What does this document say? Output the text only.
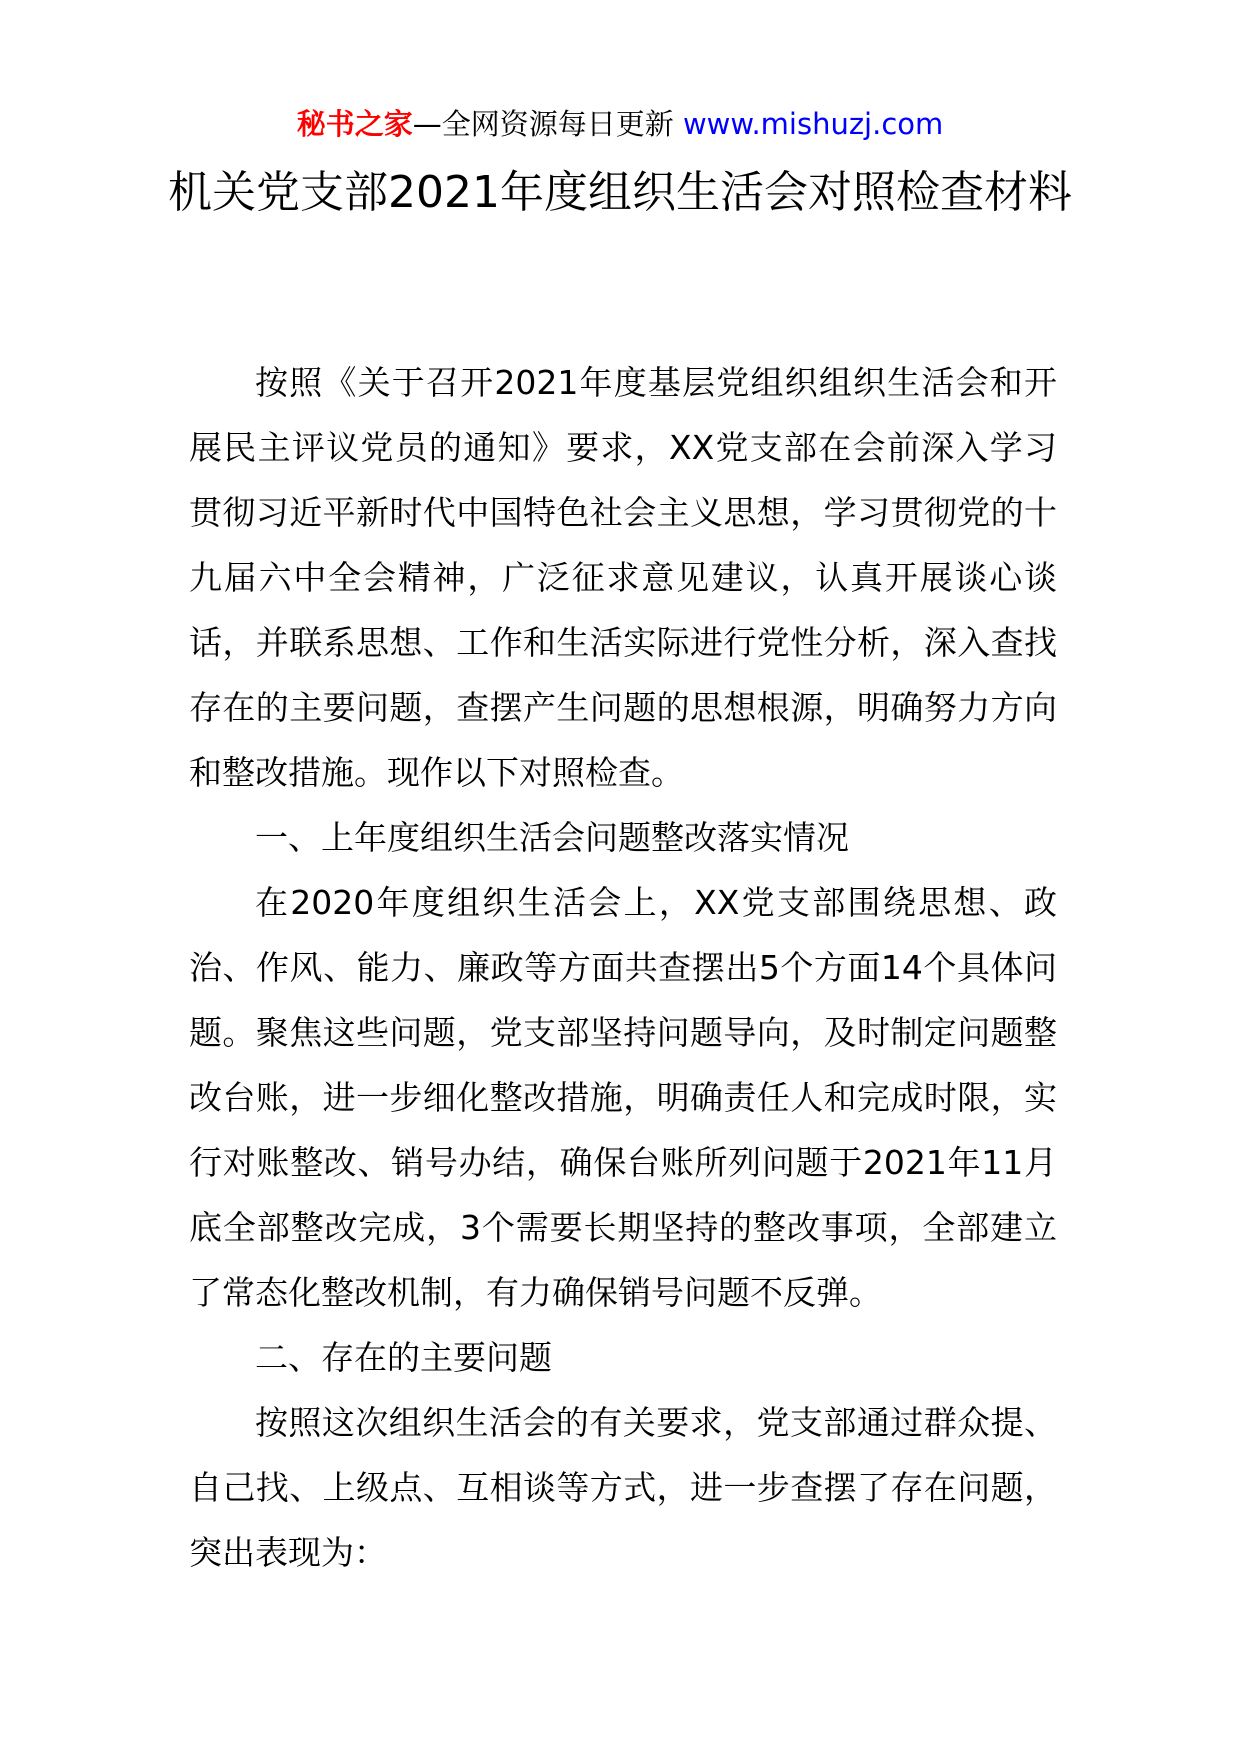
秘书之家—全网资源每日更新 www.mishuzj.com
机关党支部2021年度组织生活会对照检查材料

按照《关于召开2021年度基层党组织组织生活会和开展民主评议党员的通知》要求，XX党支部在会前深入学习贯彻习近平新时代中国特色社会主义思想，学习贯彻党的十九届六中全会精神，广泛征求意见建议，认真开展谈心谈话，并联系思想、工作和生活实际进行党性分析，深入查找存在的主要问题，查摆产生问题的思想根源，明确努力方向和整改措施。现作以下对照检查。

一、上年度组织生活会问题整改落实情况

在2020年度组织生活会上，XX党支部围绕思想、政治、作风、能力、廉政等方面共查摆出5个方面14个具体问题。聚焦这些问题，党支部坚持问题导向，及时制定问题整改台账，进一步细化整改措施，明确责任人和完成时限，实行对账整改、销号办结，确保台账所列问题于2021年11月底全部整改完成，3个需要长期坚持的整改事项，全部建立了常态化整改机制，有力确保销号问题不反弹。

二、存在的主要问题

按照这次组织生活会的有关要求，党支部通过群众提、自己找、上级点、互相谈等方式，进一步查摆了存在问题，突出表现为：
